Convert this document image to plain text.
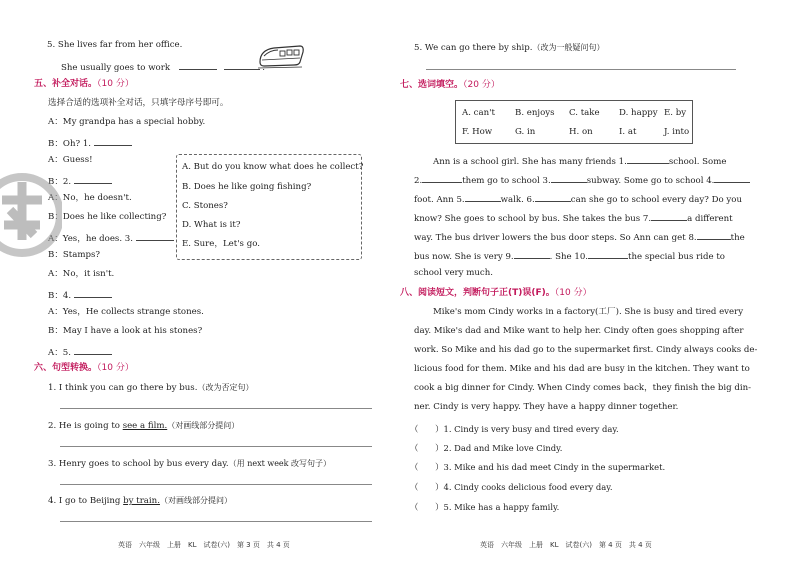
5. She lives far from her office.
She usually goes to work
五、补全对话。（10 分）
选择合适的选项补全对话，只填字母序号即可。
A：My grandpa has a special hobby.
B：Oh? 1.
A：Guess!
B：2.
A：No，he doesn't.
B：Does he like collecting?
A：Yes，he does. 3.
B：Stamps?
A：No，it isn't.
B：4.
A：Yes，He collects strange stones.
B：May I have a look at his stones?
A：5.
A. But do you know what does he collect?
B. Does he like going fishing?
C. Stones?
D. What is it?
E. Sure，Let's go.
六、句型转换。（10 分）
1. I think you can go there by bus.（改为否定句）
2. He is going to see a film.（对画线部分提问）
3. Henry goes to school by bus every day.（用 next week 改写句子）
4. I go to Beijing by train.（对画线部分提问）
英语　六年级　上册　KL　试卷(六)　第 3 页　共 4 页
5. We can go there by ship.（改为一般疑问句）
七、选词填空。（20 分）
A. can't B. enjoys C. take D. happy E. by
F. How	G. in	H. on	I. at	J. into
Ann is a school girl. She has many friends 1.	school. Some
2.	them go to school 3.	subway. Some go to school 4.
foot. Ann 5.	walk. 6.	can she go to school every day? Do you
know? She goes to school by bus. She takes the bus 7.	a different
way. The bus driver lowers the bus door steps. So Ann can get 8.	the
bus now. She is very 9.	. She 10.	the special bus ride to
school very much.
八、阅读短文，判断句子正(T)误(F)。（10 分）
Mike's mom Cindy works in a factory(工厂). She is busy and tired every
day. Mike's dad and Mike want to help her. Cindy often goes shopping after
work. So Mike and his dad go to the supermarket first. Cindy always cooks de-
licious food for them. Mike and his dad are busy in the kitchen. They want to
cook a big dinner for Cindy. When Cindy comes back，they finish the big din-
ner. Cindy is very happy. They have a happy dinner together.
（　　）1. Cindy is very busy and tired every day.
（　　）2. Dad and Mike love Cindy.
（　　）3. Mike and his dad meet Cindy in the supermarket.
（　　）4. Cindy cooks delicious food every day.
（　　）5. Mike has a happy family.
英语　六年级　上册　KL　试卷(六)　第 4 页　共 4 页
